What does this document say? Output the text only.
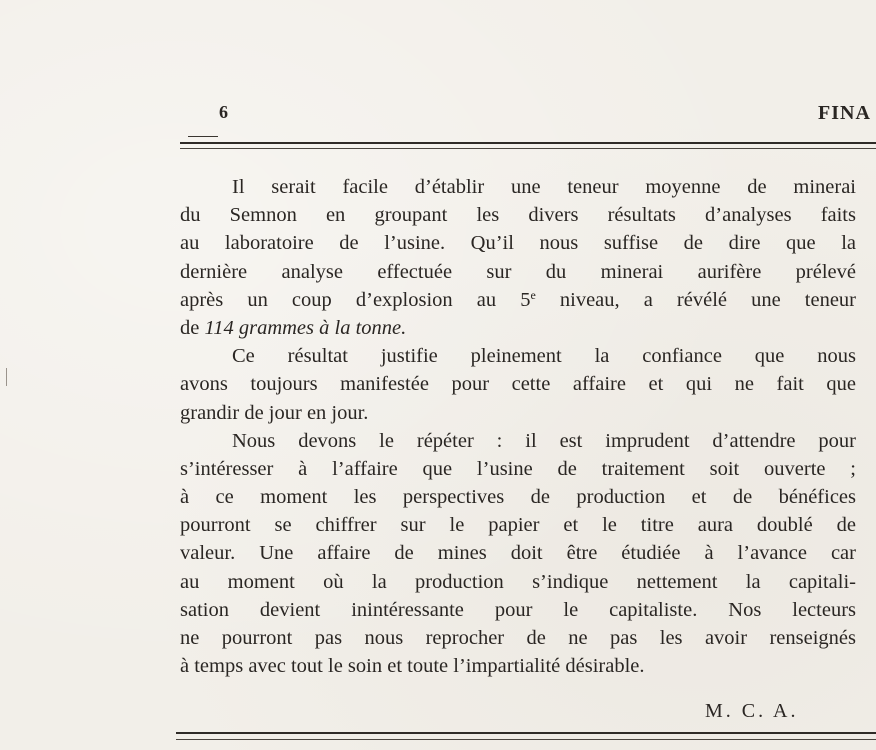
6	FINA
Il serait facile d’établir une teneur moyenne de minerai
du Semnon en groupant les divers résultats d’analyses faits
au laboratoire de l’usine. Qu’il nous suffise de dire que la
dernière analyse effectuée sur du minerai aurifère prélevé
après un coup d’explosion au 5e niveau, a révélé une teneur
de 114 grammes à la tonne.
Ce résultat justifie pleinement la confiance que nous
avons toujours manifestée pour cette affaire et qui ne fait que
grandir de jour en jour.
Nous devons le répéter : il est imprudent d’attendre pour
s’intéresser à l’affaire que l’usine de traitement soit ouverte ;
à ce moment les perspectives de production et de bénéfices
pourront se chiffrer sur le papier et le titre aura doublé de
valeur. Une affaire de mines doit être étudiée à l’avance car
au moment où la production s’indique nettement la capitali-
sation devient inintéressante pour le capitaliste. Nos lecteurs
ne pourront pas nous reprocher de ne pas les avoir renseignés
à temps avec tout le soin et toute l’impartialité désirable.
M. C. A.
